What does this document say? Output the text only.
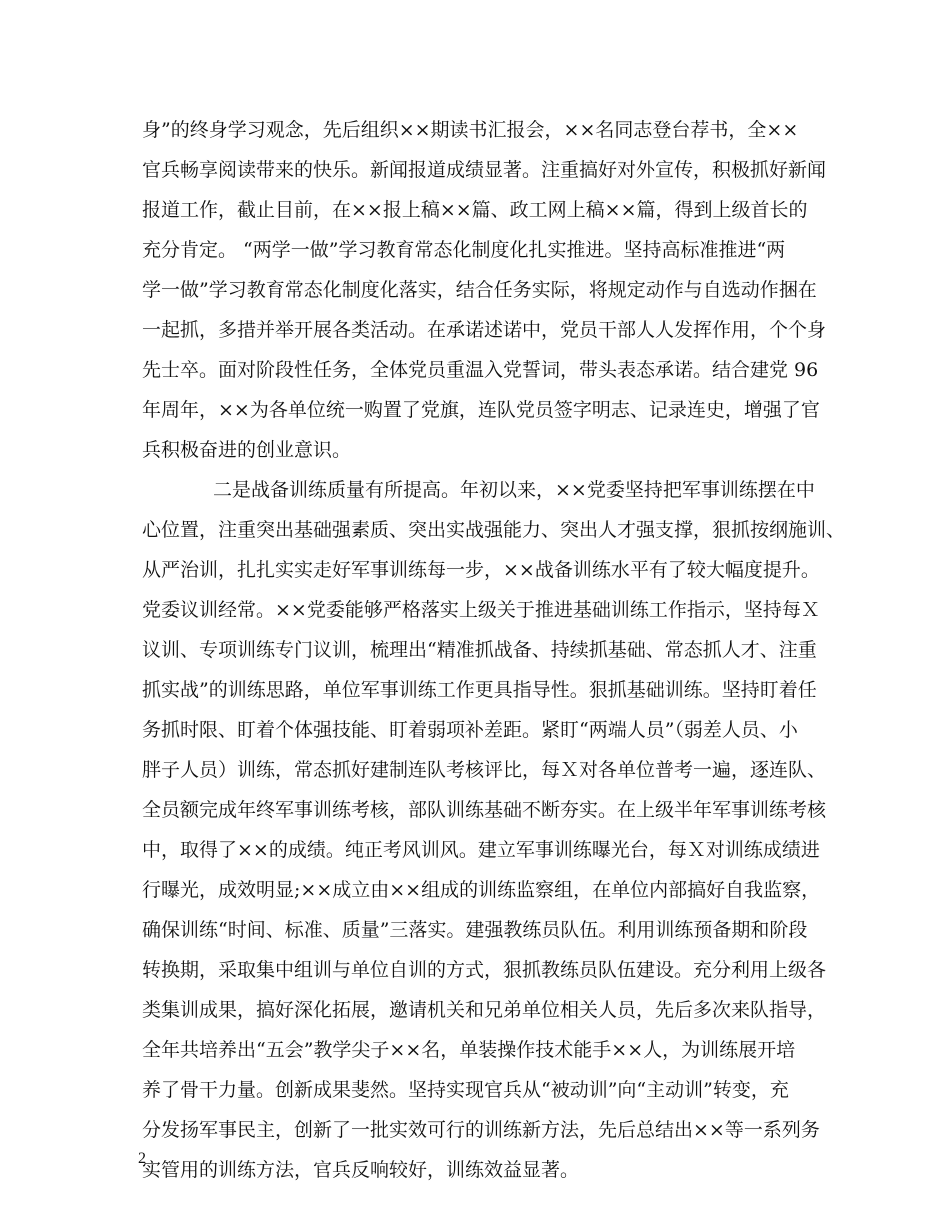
身”的终身学习观念，先后组织××期读书汇报会，××名同志登台荐书，全××
官兵畅享阅读带来的快乐。新闻报道成绩显著。注重搞好对外宣传，积极抓好新闻
报道工作，截止目前，在××报上稿××篇、政工网上稿××篇，得到上级首长的
充分肯定。 “两学一做”学习教育常态化制度化扎实推进。坚持高标准推进“两
学一做”学习教育常态化制度化落实，结合任务实际，将规定动作与自选动作捆在
一起抓，多措并举开展各类活动。在承诺述诺中，党员干部人人发挥作用，个个身
先士卒。面对阶段性任务，全体党员重温入党誓词，带头表态承诺。结合建党 96
年周年，××为各单位统一购置了党旗，连队党员签字明志、记录连史，增强了官
兵积极奋进的创业意识。
二是战备训练质量有所提高。年初以来，××党委坚持把军事训练摆在中
心位置，注重突出基础强素质、突出实战强能力、突出人才强支撑，狠抓按纲施训、
从严治训，扎扎实实走好军事训练每一步，××战备训练水平有了较大幅度提升。
党委议训经常。××党委能够严格落实上级关于推进基础训练工作指示，坚持每Ｘ
议训、专项训练专门议训，梳理出“精准抓战备、持续抓基础、常态抓人才、注重
抓实战”的训练思路，单位军事训练工作更具指导性。狠抓基础训练。坚持盯着任
务抓时限、盯着个体强技能、盯着弱项补差距。紧盯“两端人员”（弱差人员、小
胖子人员）训练，常态抓好建制连队考核评比，每Ｘ对各单位普考一遍，逐连队、
全员额完成年终军事训练考核，部队训练基础不断夯实。在上级半年军事训练考核
中，取得了××的成绩。纯正考风训风。建立军事训练曝光台，每Ｘ对训练成绩进
行曝光，成效明显;××成立由××组成的训练监察组，在单位内部搞好自我监察，
确保训练“时间、标准、质量”三落实。建强教练员队伍。利用训练预备期和阶段
转换期，采取集中组训与单位自训的方式，狠抓教练员队伍建设。充分利用上级各
类集训成果，搞好深化拓展，邀请机关和兄弟单位相关人员，先后多次来队指导，
全年共培养出“五会”教学尖子××名，单装操作技术能手××人，为训练展开培
养了骨干力量。创新成果斐然。坚持实现官兵从“被动训”向“主动训”转变，充
分发扬军事民主，创新了一批实效可行的训练新方法，先后总结出××等一系列务
实管用的训练方法，官兵反响较好，训练效益显著。
2
